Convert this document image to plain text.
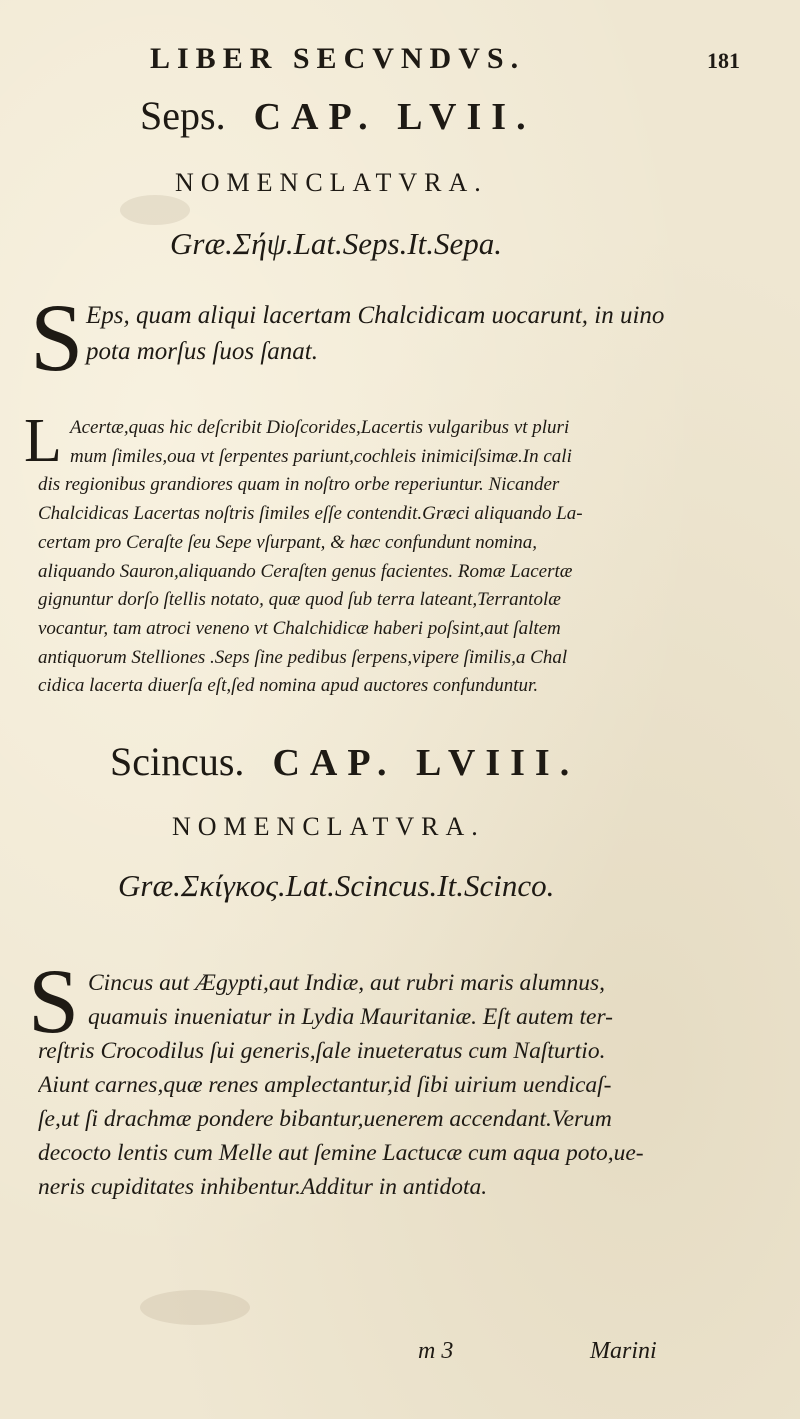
LIBER SECVNDVS.	181
Seps. CAP. LVII.
NOMENCLATVRA.
Græ.Σήψ.Lat.Seps.It.Sepa.
S Eps, quam aliqui lacertam Chalcidicam uocarunt, in uino
pota morſus ſuos ſanat.
L Acertæ,quas hic deſcribit Dioſcorides,Lacertis vulgaribus vt pluri
mum ſimiles,oua vt ſerpentes pariunt,cochleis inimiciſsimæ.In cali
dis regionibus grandiores quam in noſtro orbe reperiuntur. Nicander
Chalcidicas Lacertas noſtris ſimiles eſſe contendit.Græci aliquando La-
certam pro Ceraſte ſeu Sepe vſurpant, & hæc confundunt nomina,
aliquando Sauron,aliquando Ceraſten genus facientes. Romæ Lacertæ
gignuntur dorſo ſtellis notato, quæ quod ſub terra lateant,Terrantolæ
vocantur, tam atroci veneno vt Chalchidicæ haberi poſsint,aut ſaltem
antiquorum Stelliones .Seps ſine pedibus ſerpens,vipere ſimilis,a Chal
cidica lacerta diuerſa eſt,ſed nomina apud auctores confunduntur.
Scincus. CAP. LVIII.
NOMENCLATVRA.
Græ.Σκίγκος.Lat.Scincus.It.Scinco.
S Cincus aut Ægypti,aut Indiæ, aut rubri maris alumnus,
quamuis inueniatur in Lydia Mauritaniæ. Eſt autem ter-
reſtris Crocodilus ſui generis,ſale inueteratus cum Naſturtio.
Aiunt carnes,quæ renes amplectantur,id ſibi uirium uendicaſ-
ſe,ut ſi drachmæ pondere bibantur,uenerem accendant.Verum
decocto lentis cum Melle aut ſemine Lactucæ cum aqua poto,ue-
neris cupiditates inhibentur.Additur in antidota.
m 3	Marini
